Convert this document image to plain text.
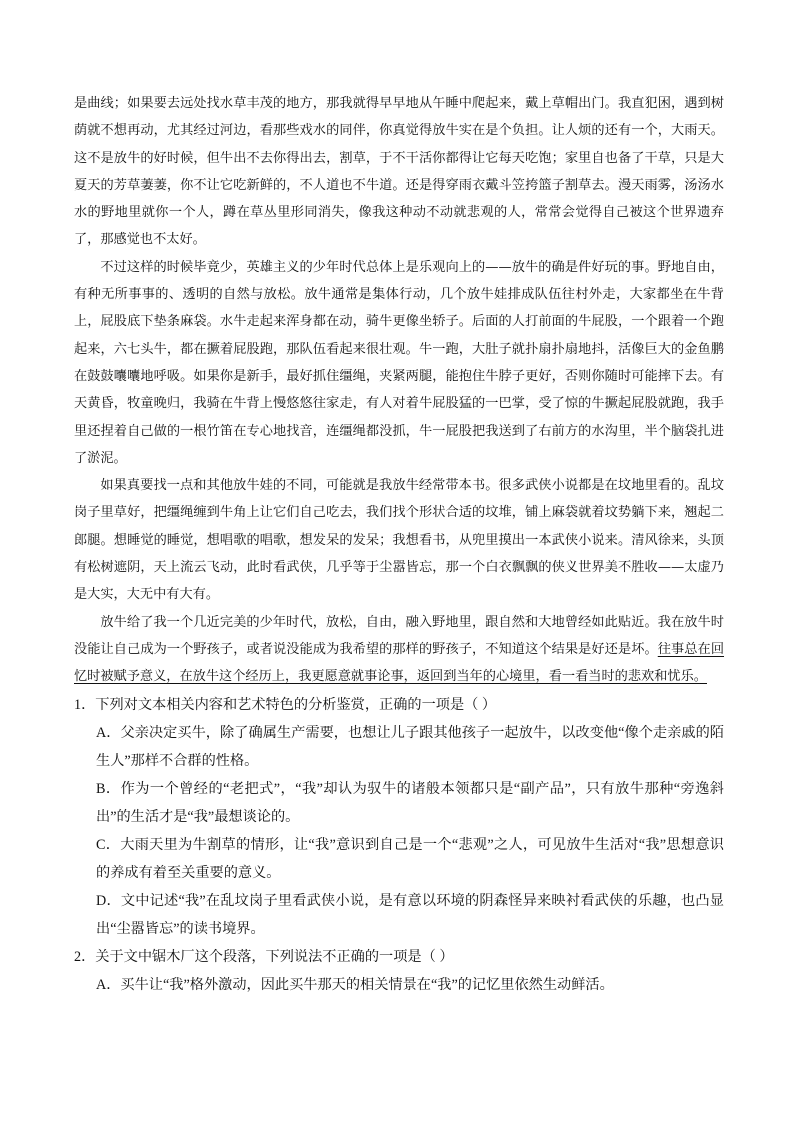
是曲线；如果要去远处找水草丰茂的地方，那我就得早早地从午睡中爬起来，戴上草帽出门。我直犯困，遇到树荫就不想再动，尤其经过河边，看那些戏水的同伴，你真觉得放牛实在是个负担。让人烦的还有一个，大雨天。这不是放牛的好时候，但牛出不去你得出去，割草，于不干活你都得让它每天吃饱；家里自也备了干草，只是大夏天的芳草萋萋，你不让它吃新鲜的，不人道也不牛道。还是得穿雨衣戴斗笠挎篮子割草去。漫天雨雾，汤汤水水的野地里就你一个人，蹲在草丛里形同消失，像我这种动不动就悲观的人，常常会觉得自己被这个世界遗弃了，那感觉也不太好。

不过这样的时候毕竟少，英雄主义的少年时代总体上是乐观向上的——放牛的确是件好玩的事。野地自由，有种无所事事的、透明的自然与放松。放牛通常是集体行动，几个放牛娃排成队伍往村外走，大家都坐在牛背上，屁股底下垫条麻袋。水牛走起来浑身都在动，骑牛更像坐轿子。后面的人打前面的牛屁股，一个跟着一个跑起来，六七头牛，都在撅着屁股跑，那队伍看起来很壮观。牛一跑，大肚子就扑扇扑扇地抖，活像巨大的金鱼鹏在鼓鼓囔囔地呼吸。如果你是新手，最好抓住缰绳，夹紧两腿，能抱住牛脖子更好，否则你随时可能摔下去。有天黄昏，牧童晚归，我骑在牛背上慢悠悠往家走，有人对着牛屁股猛的一巴掌，受了惊的牛撅起屁股就跑，我手里还捏着自己做的一根竹笛在专心地找音，连缰绳都没抓，牛一屁股把我送到了右前方的水沟里，半个脑袋扎进了淤泥。

如果真要找一点和其他放牛娃的不同，可能就是我放牛经常带本书。很多武侠小说都是在坟地里看的。乱坟岗子里草好，把缰绳缠到牛角上让它们自己吃去，我们找个形状合适的坟堆，铺上麻袋就着坟势躺下来，翘起二郎腿。想睡觉的睡觉，想唱歌的唱歌，想发呆的发呆；我想看书，从兜里摸出一本武侠小说来。清风徐来，头顶有松树遮阴，天上流云飞动，此时看武侠，几乎等于尘嚣皆忘，那一个白衣飘飘的侠义世界美不胜收——太虚乃是大实，大无中有大有。

放牛给了我一个几近完美的少年时代，放松，自由，融入野地里，跟自然和大地曾经如此贴近。我在放牛时没能让自己成为一个野孩子，或者说没能成为我希望的那样的野孩子，不知道这个结果是好还是坏。往事总在回忆时被赋予意义，在放牛这个经历上，我更愿意就事论事，返回到当年的心境里，看一看当时的悲欢和忧乐。

1．下列对文本相关内容和艺术特色的分析鉴赏，正确的一项是（ ）

A．父亲决定买牛，除了确属生产需要，也想让儿子跟其他孩子一起放牛，以改变他“像个走亲戚的陌生人”那样不合群的性格。

B．作为一个曾经的“老把式”，“我”却认为驭牛的诸般本领都只是“副产品”，只有放牛那种“旁逸斜出”的生活才是“我”最想谈论的。

C．大雨天里为牛割草的情形，让“我”意识到自己是一个“悲观”之人，可见放牛生活对“我”思想意识的养成有着至关重要的意义。

D．文中记述“我”在乱坟岗子里看武侠小说，是有意以环境的阴森怪异来映衬看武侠的乐趣，也凸显出“尘嚣皆忘”的读书境界。

2．关于文中锯木厂这个段落，下列说法不正确的一项是（ ）

A．买牛让“我”格外激动，因此买牛那天的相关情景在“我”的记忆里依然生动鲜活。
